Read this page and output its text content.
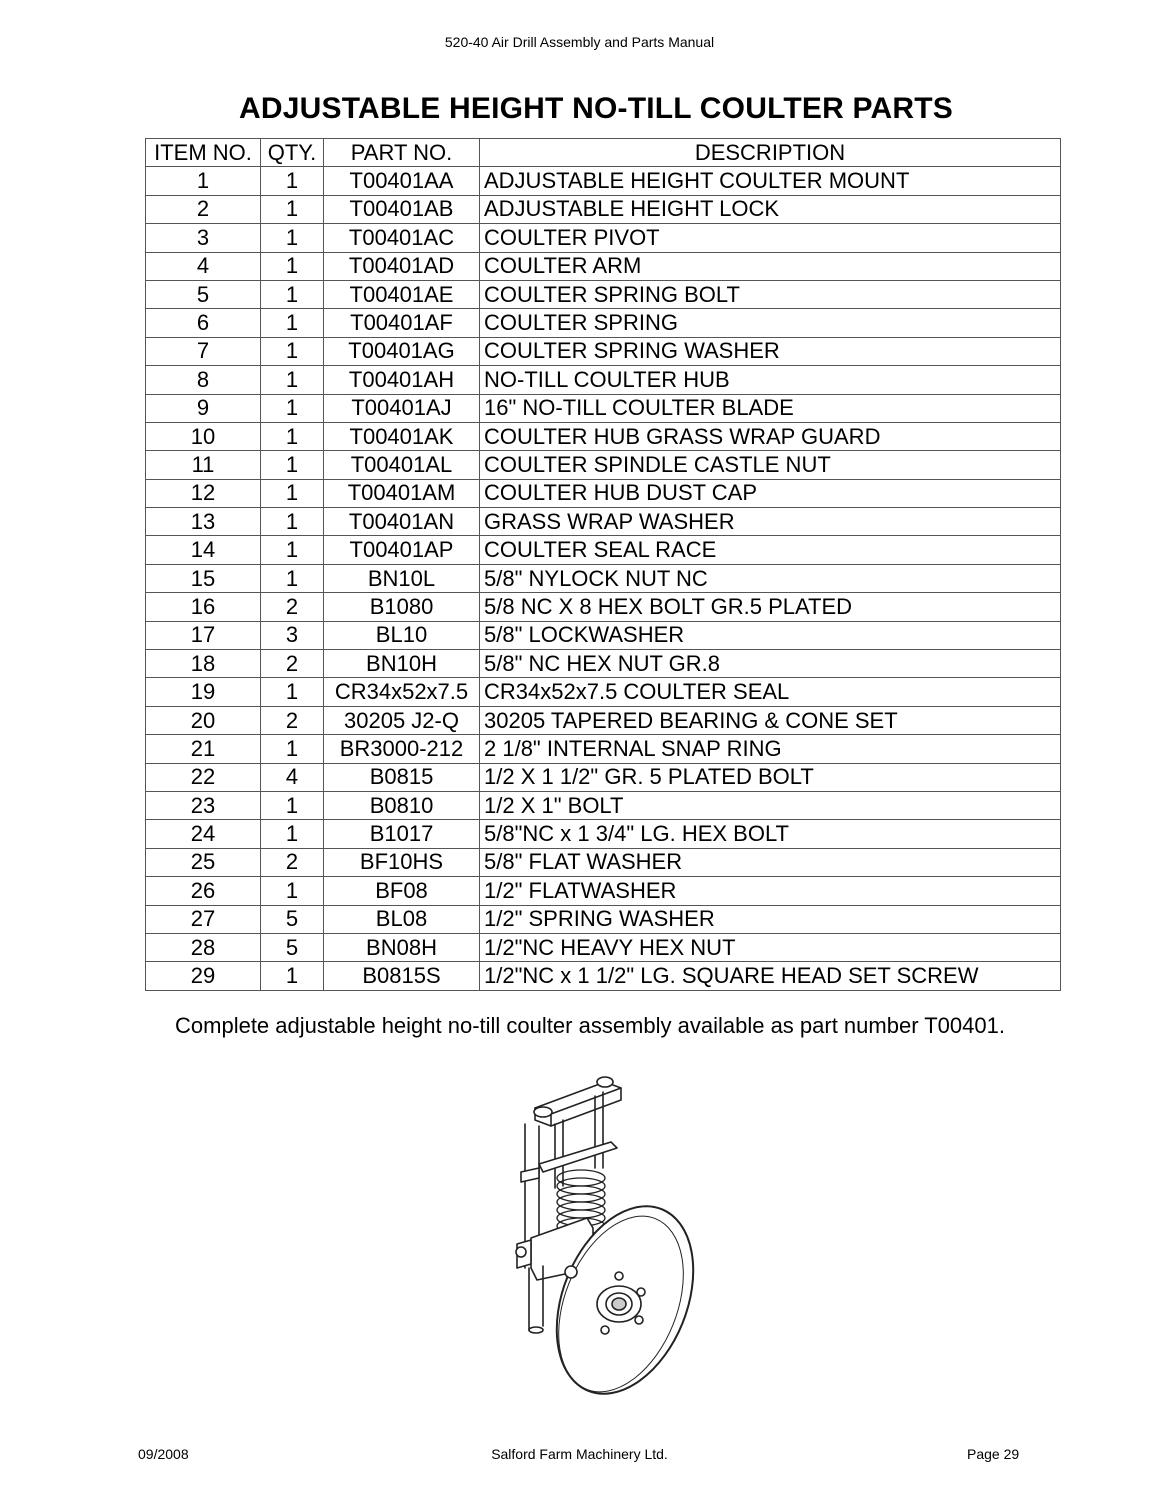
520-40 Air Drill Assembly and Parts Manual
ADJUSTABLE HEIGHT NO-TILL COULTER PARTS
ITEM NO.	QTY.	PART NO.	DESCRIPTION
1	1	T00401AA	ADJUSTABLE HEIGHT COULTER MOUNT
2	1	T00401AB	ADJUSTABLE HEIGHT LOCK
3	1	T00401AC	COULTER PIVOT
4	1	T00401AD	COULTER ARM
5	1	T00401AE	COULTER SPRING BOLT
6	1	T00401AF	COULTER SPRING
7	1	T00401AG	COULTER SPRING WASHER
8	1	T00401AH	NO-TILL COULTER HUB
9	1	T00401AJ	16" NO-TILL COULTER BLADE
10	1	T00401AK	COULTER HUB GRASS WRAP GUARD
11	1	T00401AL	COULTER SPINDLE CASTLE NUT
12	1	T00401AM	COULTER HUB DUST CAP
13	1	T00401AN	GRASS WRAP WASHER
14	1	T00401AP	COULTER SEAL RACE
15	1	BN10L	5/8" NYLOCK NUT NC
16	2	B1080	5/8 NC X 8 HEX BOLT GR.5 PLATED
17	3	BL10	5/8" LOCKWASHER
18	2	BN10H	5/8" NC HEX NUT GR.8
19	1	CR34x52x7.5	CR34x52x7.5 COULTER SEAL
20	2	30205 J2-Q	30205 TAPERED BEARING & CONE SET
21	1	BR3000-212	2 1/8" INTERNAL SNAP RING
22	4	B0815	1/2 X 1 1/2" GR. 5 PLATED BOLT
23	1	B0810	1/2 X 1" BOLT
24	1	B1017	5/8"NC x 1 3/4" LG. HEX BOLT
25	2	BF10HS	5/8" FLAT WASHER
26	1	BF08	1/2" FLATWASHER
27	5	BL08	1/2" SPRING WASHER
28	5	BN08H	1/2"NC HEAVY HEX NUT
29	1	B0815S	1/2"NC x 1 1/2" LG. SQUARE HEAD SET SCREW
Complete adjustable height no-till coulter assembly available as part number T00401.
09/2008	Salford Farm Machinery Ltd.	Page 29
